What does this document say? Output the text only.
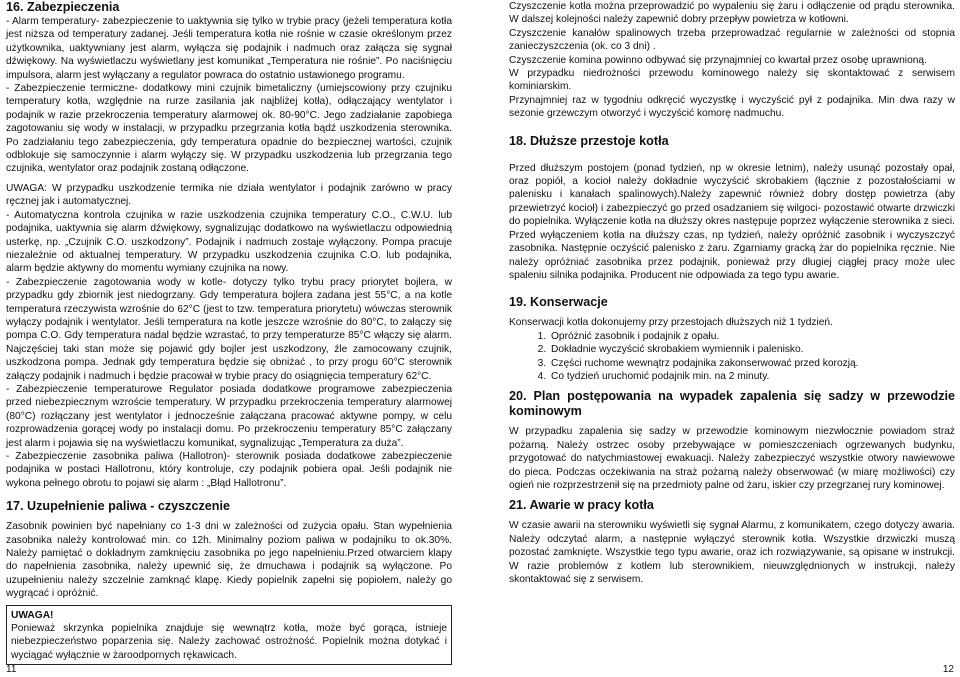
16. Zabezpieczenia

- Alarm temperatury- zabezpieczenie to uaktywnia się tylko w trybie pracy (jeżeli temperatura kotła jest niższa od temperatury zadanej. Jeśli temperatura kotła nie rośnie w czasie określonym przez użytkownika, uaktywniany jest alarm, wyłącza się podajnik i nadmuch oraz załącza się sygnał dźwiękowy. Na wyświetlaczu wyświetlany jest komunikat „Temperatura nie rośnie”. Po naciśnięciu impulsora, alarm jest wyłączany a regulator powraca do ostatnio ustawionego programu.

- Zabezpieczenie termiczne- dodatkowy mini czujnik bimetaliczny (umiejscowiony przy czujniku temperatury kotła, względnie na rurze zasilania jak najbliżej kotła), odłączający wentylator i podajnik w razie przekroczenia temperatury alarmowej ok. 80-90°C. Jego zadziałanie zapobiega zagotowaniu się wody w instalacji, w przypadku przegrzania kotła bądź uszkodzenia sterownika. Po zadziałaniu tego zabezpieczenia, gdy temperatura opadnie do bezpiecznej wartości, czujnik odblokuje się samoczynnie i alarm wyłączy się. W przypadku uszkodzenia lub przegrzania tego czujnika, wentylator oraz podajnik zostaną odłączone.

UWAGA: W przypadku uszkodzenie termika nie działa wentylator i podajnik zarówno w pracy ręcznej jak i automatycznej.

- Automatyczna kontrola czujnika w razie uszkodzenia czujnika temperatury C.O., C.W.U. lub podajnika, uaktywnia się alarm dźwiękowy, sygnalizując dodatkowo na wyświetlaczu odpowiednią usterkę, np. „Czujnik C.O. uszkodzony”. Podajnik i nadmuch zostaje wyłączony. Pompa pracuje niezależnie od aktualnej temperatury. W przypadku uszkodzenia czujnika C.O. lub podajnika, alarm będzie aktywny do momentu wymiany czujnika na nowy.

- Zabezpieczenie zagotowania wody w kotle- dotyczy tylko trybu pracy priorytet bojlera, w przypadku gdy zbiornik jest niedogrzany. Gdy temperatura bojlera zadana jest 55°C, a na kotle temperatura rzeczywista wzrośnie do 62°C (jest to tzw. temperatura priorytetu) wówczas sterownik wyłączy podajnik i wentylator. Jeśli temperatura na kotle jeszcze wzrośnie do 80°C, to załączy się pompa C.O. Gdy temperatura nadal będzie wzrastać, to przy temperaturze 85°C włączy się alarm. Najczęściej taki stan może się pojawić gdy bojler jest uszkodzony, źle zamocowany czujnik, uszkodzona pompa. Jednak gdy temperatura będzie się obniżać , to przy progu 60°C sterownik załączy podajnik i nadmuch i będzie pracował w trybie pracy do osiągnięcia temperatury 62°C.

- Zabezpieczenie temperaturowe Regulator posiada dodatkowe programowe zabezpieczenia przed niebezpiecznym wzroście temperatury. W przypadku przekroczenia temperatury alarmowej (80°C) rozłączany jest wentylator i jednocześnie załączana pracować aktywne pompy, w celu rozprowadzenia gorącej wody po instalacji domu. Po przekroczeniu temperatury 85°C załączany jest alarm i pojawia się na wyświetlaczu komunikat, sygnalizując „Temperatura za duża”.

- Zabezpieczenie zasobnika paliwa (Hallotron)- sterownik posiada dodatkowe zabezpieczenie podajnika w postaci Hallotronu, który kontroluje, czy podajnik pobiera opał. Jeśli podajnik nie wykona pełnego obrotu to pojawi się alarm : „Błąd Hallotronu”.

17. Uzupełnienie paliwa - czyszczenie

Zasobnik powinien być napełniany co 1-3 dni w zależności od zużycia opału. Stan wypełnienia zasobnika należy kontrolować min. co 12h. Minimalny poziom paliwa w podajniku to ok.30%. Należy pamiętać o dokładnym zamknięciu zasobnika po jego napełnieniu.Przed otwarciem klapy do napełnienia zasobnika, należy upewnić się, że dmuchawa i podajnik są wyłączone. Po uzupełnieniu należy szczelnie zamknąć klapę. Kiedy popielnik zapełni się popiołem, należy go wygrącać i opróżnić.

UWAGA!

Ponieważ skrzynka popielnika znajduje się wewnątrz kotła, może być gorąca, istnieje niebezpieczeństwo poparzenia się. Należy zachować ostrożność. Popielnik można dotykać i wyciągać wyłącznie w żaroodpornych rękawicach.

Czyszczenie kotła można przeprowadzić po wypaleniu się żaru i odłączenie od prądu sterownika. W dalszej kolejności należy zapewnić dobry przepływ powietrza w kotłowni.

Czyszczenie kanałów spalinowych trzeba przeprowadzać regularnie w zależności od stopnia zanieczyszczenia (ok. co 3 dni) .

Czyszczenie komina powinno odbywać się przynajmniej co kwartał przez osobę uprawnioną.

W przypadku niedrożności przewodu kominowego należy się skontaktować z serwisem kominiarskim.

Przynajmniej raz w tygodniu odkręcić wyczystkę i wyczyścić pył z podajnika. Min dwa razy w sezonie grzewczym otworzyć i wyczyścić komorę nadmuchu.

18. Dłuższe przestoje kotła

Przed dłuższym postojem (ponad tydzień, np w okresie letnim), należy usunąć pozostały opał, oraz popiół, a kocioł należy dokładnie wyczyścić skrobakiem (łącznie z pozostałościami w palenisku i kanałach spalinowych).Należy zapewnić również dobry dostęp powietrza (aby przewietrzyć kocioł) i zabezpieczyć go przed osadzaniem się wilgoci- pozostawić otwarte drzwiczki do popielnika. Wyłączenie kotła na dłuższy okres następuje poprzez wyłączenie sterownika z sieci. Przed wyłączeniem kotła na dłuższy czas, np tydzień, należy opróżnić zasobnik i wyczyszczyć zasobnika. Następnie oczyścić palenisko z żaru. Zgarniamy gracką żar do popielnika ręcznie. Nie należy opróżniać zasobnika przez podajnik, ponieważ przy długiej ciągłej pracy może ulec spaleniu silnika podajnika. Producent nie odpowiada za tego typu awarie.

19. Konserwacje

Konserwacji kotła dokonujemy przy przestojach dłuższych niż 1 tydzień.

1. Opróżnić zasobnik i podajnik z opału.
2. Dokładnie wyczyścić skrobakiem wymiennik i palenisko.
3. Części ruchome wewnątrz podajnika zakonserwować przed korozją.
4. Co tydzień uruchomić podajnik min. na 2 minuty.
20. Plan postępowania na wypadek zapalenia się sadzy w przewodzie kominowym

W przypadku zapalenia się sadzy w przewodzie kominowym niezwłocznie powiadom straż pożarną. Należy ostrzec osoby przebywające w pomieszczeniach ogrzewanych budynku, przygotować do natychmiastowej ewakuacji. Należy zabezpieczyć wszystkie otwory nawiewowe do pieca. Podczas oczekiwania na straż pożarną należy obserwować (w miarę możliwości) czy ogień nie rozprzestrzenił się na przedmioty palne od żaru, iskier czy przegrzanej rury kominowej.

21. Awarie w pracy kotła

W czasie awarii na sterowniku wyświetli się sygnał Alarmu, z komunikatem, czego dotyczy awaria. Należy odczytać alarm, a następnie wyłączyć sterownik kotła. Wszystkie drzwiczki muszą pozostać zamknięte. Wszystkie tego typu awarie, oraz ich rozwiązywanie, są opisane w instrukcji. W razie problemów z kotłem lub sterownikiem, nieuwzględnionych w instrukcji, należy skontaktować się z serwisem.

11	12
